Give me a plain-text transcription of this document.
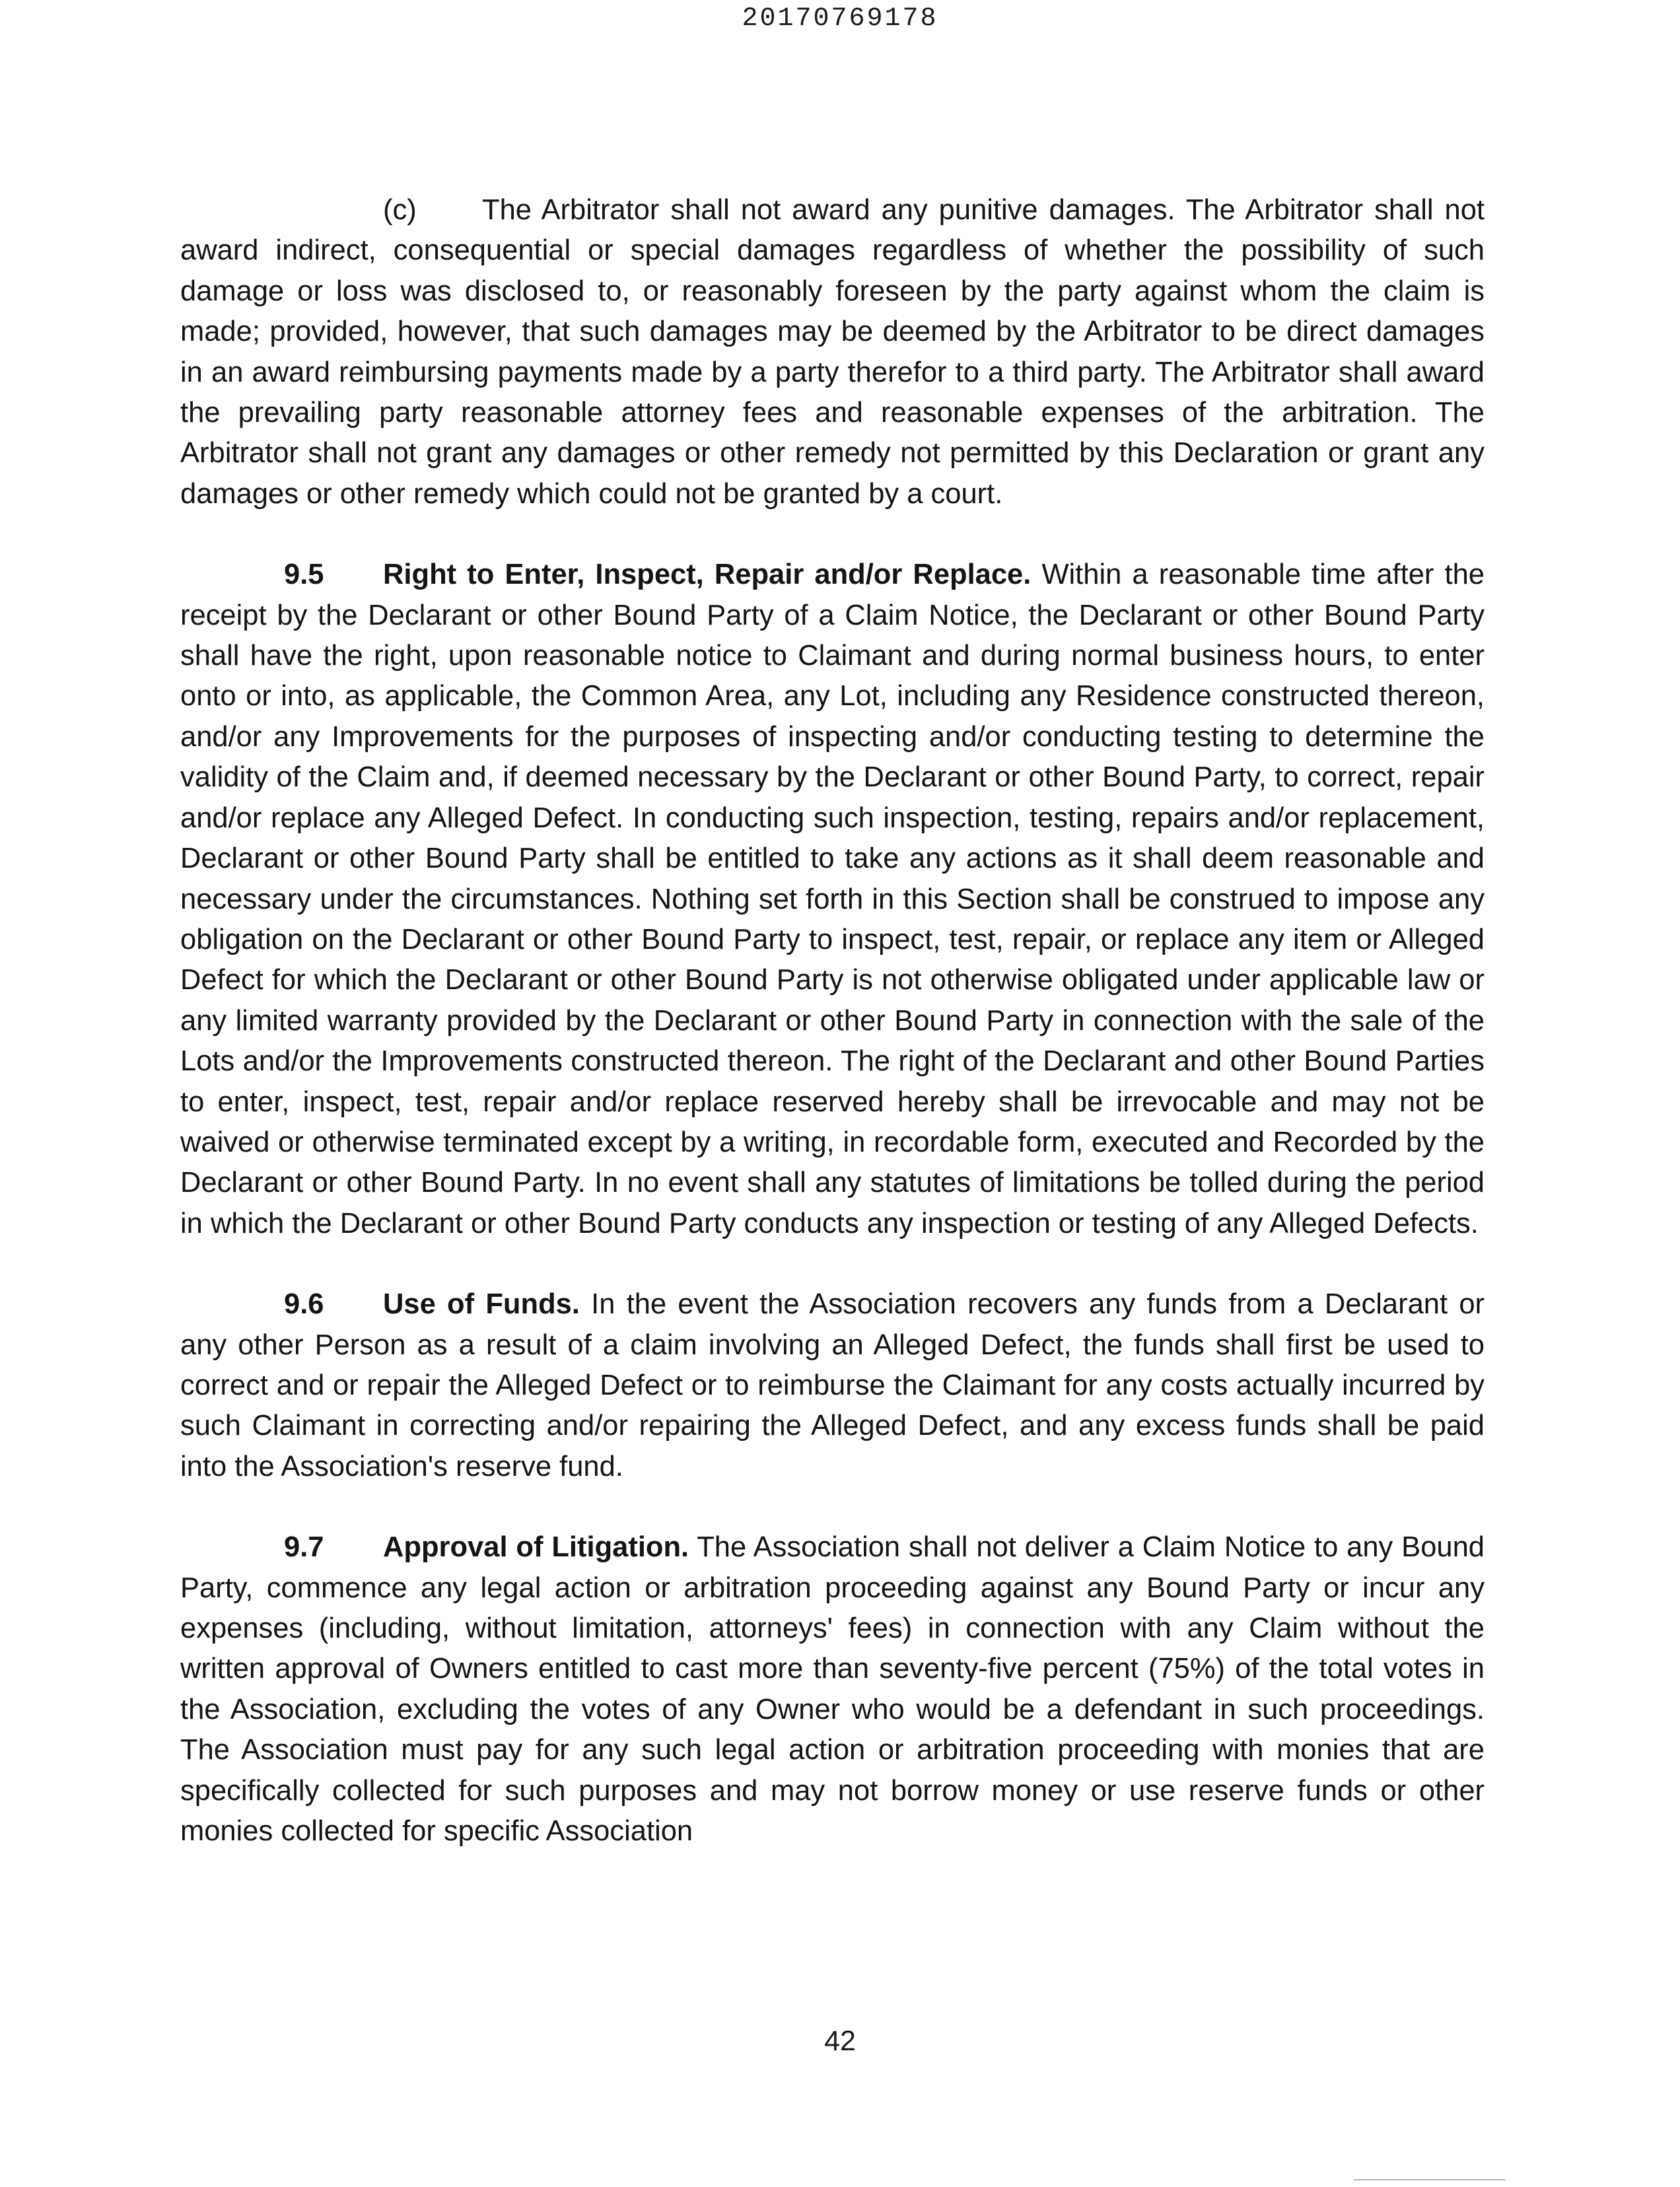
20170769178

(c) The Arbitrator shall not award any punitive damages. The Arbitrator shall not award indirect, consequential or special damages regardless of whether the possibility of such damage or loss was disclosed to, or reasonably foreseen by the party against whom the claim is made; provided, however, that such damages may be deemed by the Arbitrator to be direct damages in an award reimbursing payments made by a party therefor to a third party. The Arbitrator shall award the prevailing party reasonable attorney fees and reasonable expenses of the arbitration. The Arbitrator shall not grant any damages or other remedy not permitted by this Declaration or grant any damages or other remedy which could not be granted by a court.

9.5 Right to Enter, Inspect, Repair and/or Replace. Within a reasonable time after the receipt by the Declarant or other Bound Party of a Claim Notice, the Declarant or other Bound Party shall have the right, upon reasonable notice to Claimant and during normal business hours, to enter onto or into, as applicable, the Common Area, any Lot, including any Residence constructed thereon, and/or any Improvements for the purposes of inspecting and/or conducting testing to determine the validity of the Claim and, if deemed necessary by the Declarant or other Bound Party, to correct, repair and/or replace any Alleged Defect. In conducting such inspection, testing, repairs and/or replacement, Declarant or other Bound Party shall be entitled to take any actions as it shall deem reasonable and necessary under the circumstances. Nothing set forth in this Section shall be construed to impose any obligation on the Declarant or other Bound Party to inspect, test, repair, or replace any item or Alleged Defect for which the Declarant or other Bound Party is not otherwise obligated under applicable law or any limited warranty provided by the Declarant or other Bound Party in connection with the sale of the Lots and/or the Improvements constructed thereon. The right of the Declarant and other Bound Parties to enter, inspect, test, repair and/or replace reserved hereby shall be irrevocable and may not be waived or otherwise terminated except by a writing, in recordable form, executed and Recorded by the Declarant or other Bound Party. In no event shall any statutes of limitations be tolled during the period in which the Declarant or other Bound Party conducts any inspection or testing of any Alleged Defects.

9.6 Use of Funds. In the event the Association recovers any funds from a Declarant or any other Person as a result of a claim involving an Alleged Defect, the funds shall first be used to correct and or repair the Alleged Defect or to reimburse the Claimant for any costs actually incurred by such Claimant in correcting and/or repairing the Alleged Defect, and any excess funds shall be paid into the Association's reserve fund.

9.7 Approval of Litigation. The Association shall not deliver a Claim Notice to any Bound Party, commence any legal action or arbitration proceeding against any Bound Party or incur any expenses (including, without limitation, attorneys' fees) in connection with any Claim without the written approval of Owners entitled to cast more than seventy-five percent (75%) of the total votes in the Association, excluding the votes of any Owner who would be a defendant in such proceedings. The Association must pay for any such legal action or arbitration proceeding with monies that are specifically collected for such purposes and may not borrow money or use reserve funds or other monies collected for specific Association

42
